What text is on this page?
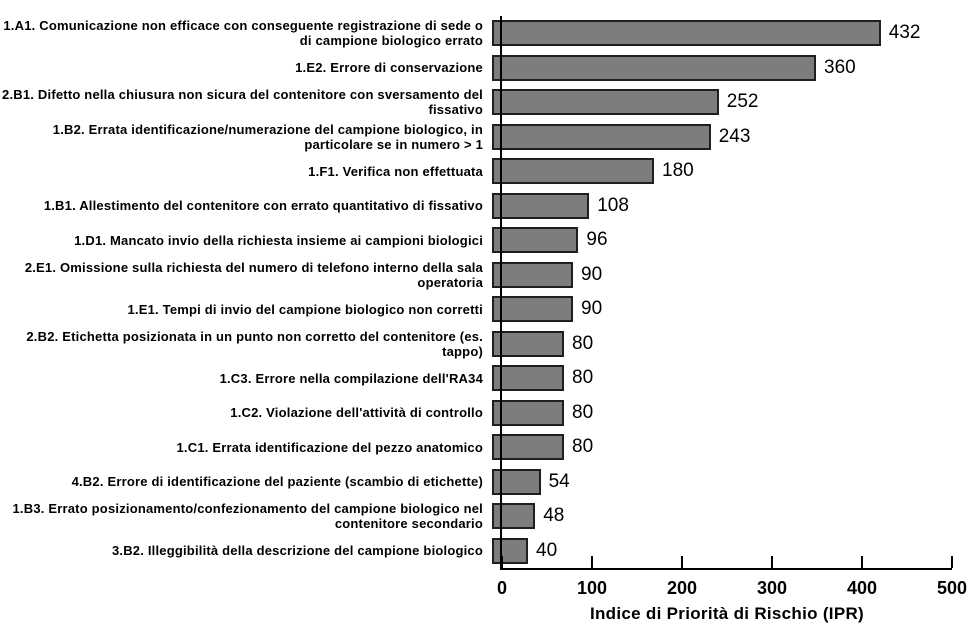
1.A1. Comunicazione non efficace con conseguente registrazione di sede o di campione biologico errato	432
1.E2. Errore di conservazione	360
2.B1. Difetto nella chiusura non sicura del contenitore con sversamento del fissativo	252
1.B2. Errata identificazione/numerazione del campione biologico, in particolare se in numero > 1	243
1.F1. Verifica non effettuata	180
1.B1. Allestimento del contenitore con errato quantitativo di fissativo	108
1.D1. Mancato invio della richiesta insieme ai campioni biologici	96
2.E1. Omissione sulla richiesta del numero di telefono interno della sala operatoria	90
1.E1. Tempi di invio del campione biologico non corretti	90
2.B2. Etichetta posizionata in un punto non corretto del contenitore (es. tappo)	80
1.C3. Errore nella compilazione dell'RA34	80
1.C2. Violazione dell'attività di controllo	80
1.C1. Errata identificazione del pezzo anatomico	80
4.B2. Errore di identificazione del paziente (scambio di etichette)	54
1.B3. Errato posizionamento/confezionamento del campione biologico nel contenitore secondario	48
3.B2. Illeggibilità della descrizione del campione biologico	40
0	100	200	300	400	500
Indice di Priorità di Rischio (IPR)
